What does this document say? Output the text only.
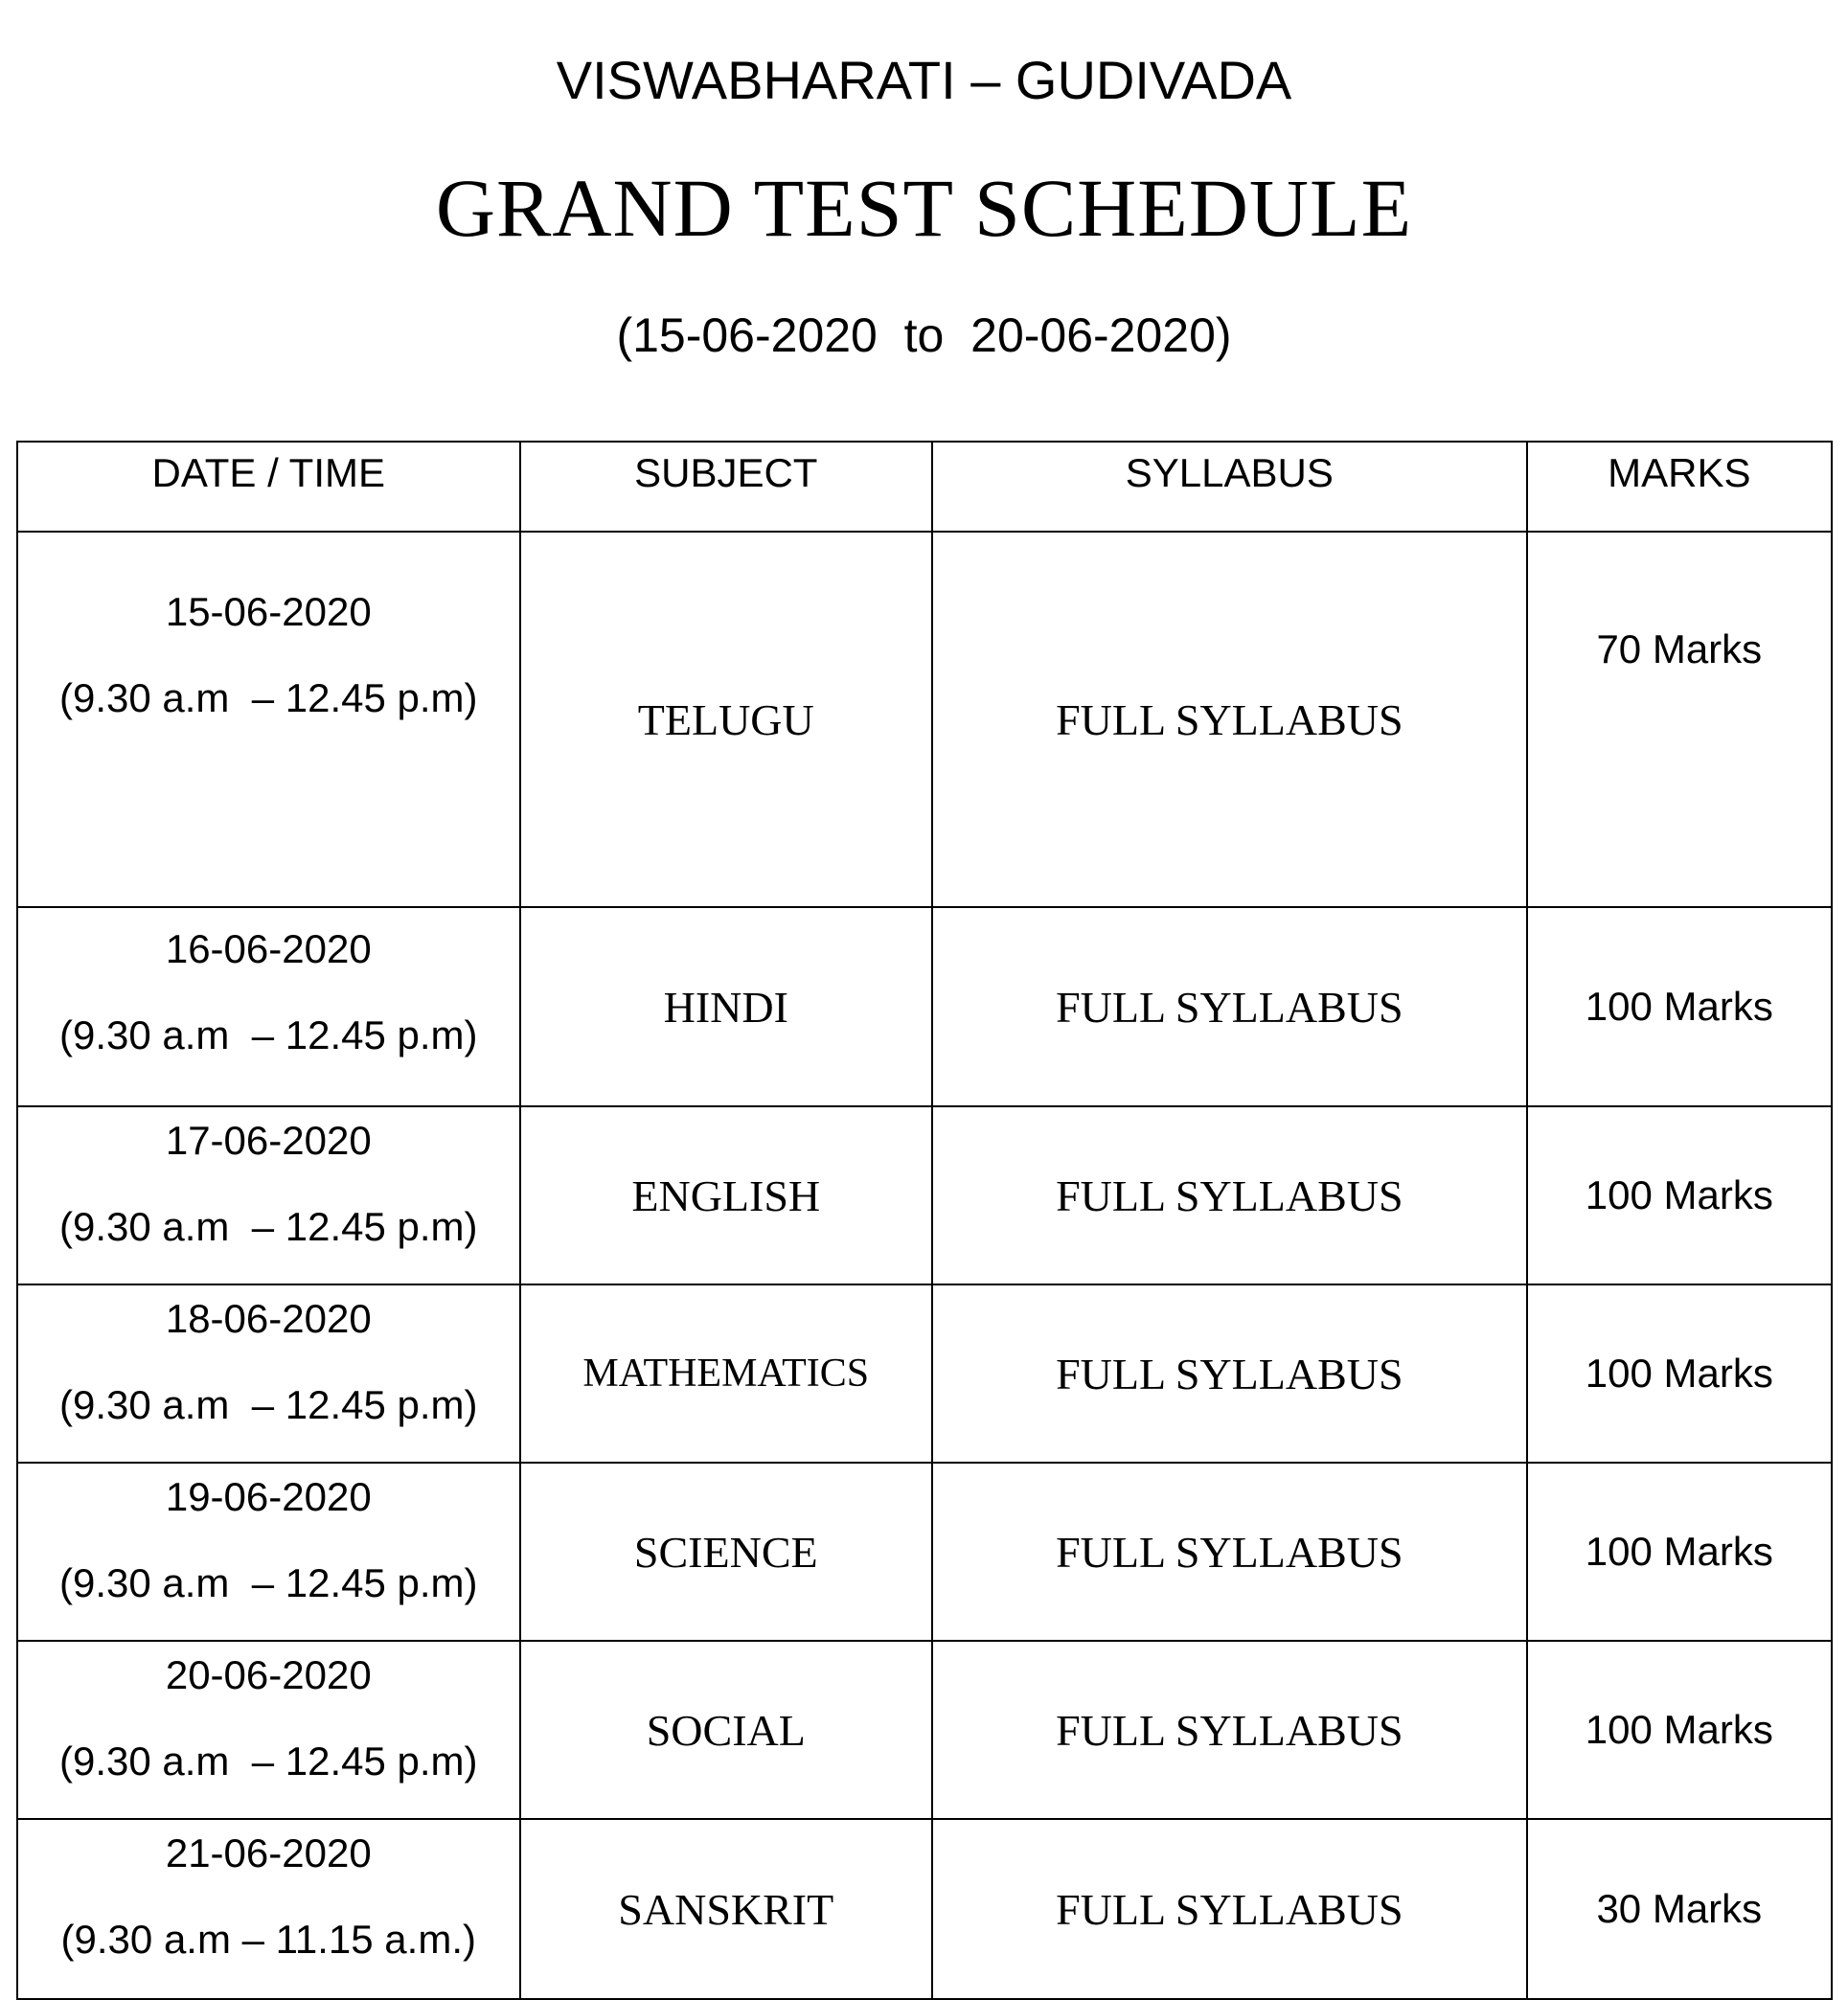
VISWABHARATI – GUDIVADA
GRAND TEST SCHEDULE
(15-06-2020  to  20-06-2020)
DATE / TIME	SUBJECT	SYLLABUS	MARKS

15-06-2020
(9.30 a.m  – 12.45 p.m)	TELUGU	FULL SYLLABUS	70 Marks

16-06-2020
(9.30 a.m  – 12.45 p.m)	HINDI	FULL SYLLABUS	100 Marks

17-06-2020
(9.30 a.m  – 12.45 p.m)	ENGLISH	FULL SYLLABUS	100 Marks

18-06-2020
(9.30 a.m  – 12.45 p.m)	MATHEMATICS	FULL SYLLABUS	100 Marks

19-06-2020
(9.30 a.m  – 12.45 p.m)	SCIENCE	FULL SYLLABUS	100 Marks

20-06-2020
(9.30 a.m  – 12.45 p.m)	SOCIAL	FULL SYLLABUS	100 Marks

21-06-2020
(9.30 a.m – 11.15 a.m.)	SANSKRIT	FULL SYLLABUS	30 Marks
